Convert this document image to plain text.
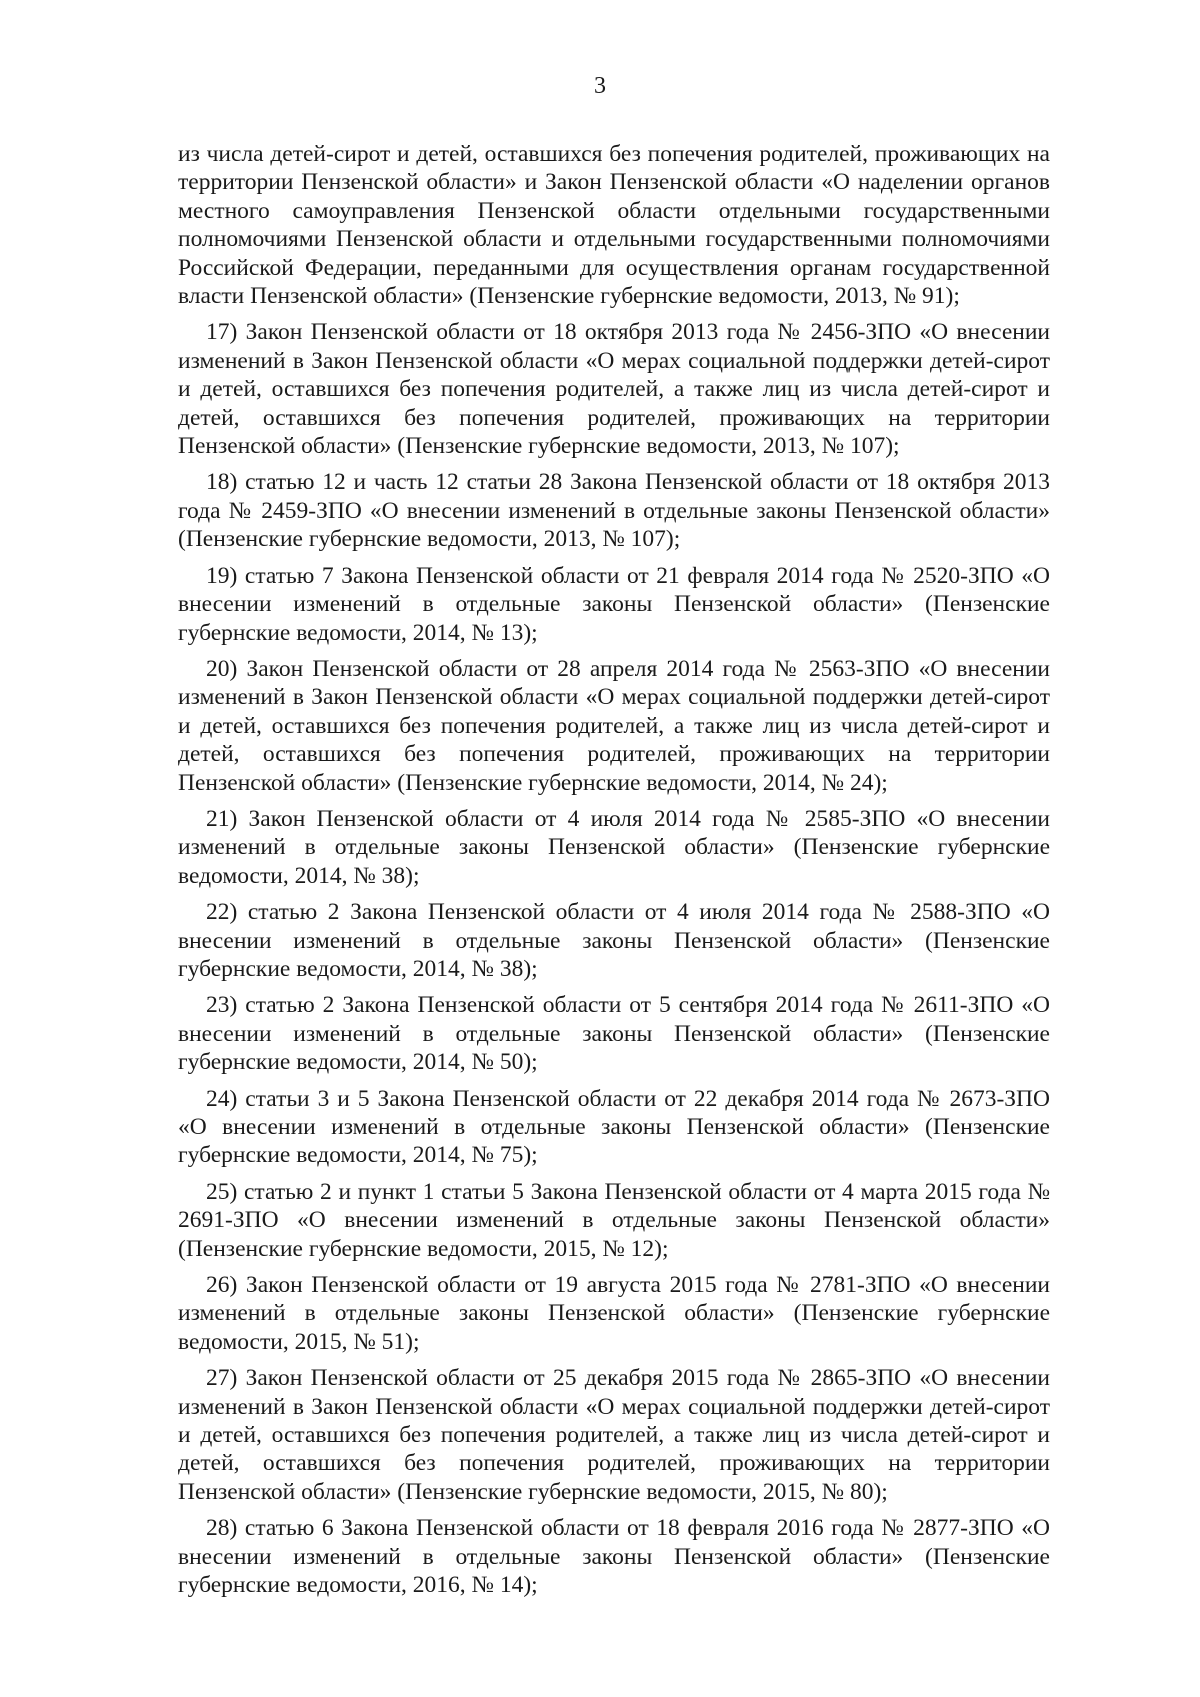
3

из числа детей-сирот и детей, оставшихся без попечения родителей, проживающих на территории Пензенской области» и Закон Пензенской области «О наделении органов местного самоуправления Пензенской области отдельными государственными полномочиями Пензенской области и отдельными государственными полномочиями Российской Федерации, переданными для осуществления органам государственной власти Пензенской области» (Пензенские губернские ведомости, 2013, № 91);

17) Закон Пензенской области от 18 октября 2013 года № 2456-ЗПО «О внесении изменений в Закон Пензенской области «О мерах социальной поддержки детей-сирот и детей, оставшихся без попечения родителей, а также лиц из числа детей-сирот и детей, оставшихся без попечения родителей, проживающих на территории Пензенской области» (Пензенские губернские ведомости, 2013, № 107);

18) статью 12 и часть 12 статьи 28 Закона Пензенской области от 18 октября 2013 года № 2459-ЗПО «О внесении изменений в отдельные законы Пензенской области» (Пензенские губернские ведомости, 2013, № 107);

19) статью 7 Закона Пензенской области от 21 февраля 2014 года № 2520-ЗПО «О внесении изменений в отдельные законы Пензенской области» (Пензенские губернские ведомости, 2014, № 13);

20) Закон Пензенской области от 28 апреля 2014 года № 2563-ЗПО «О внесении изменений в Закон Пензенской области «О мерах социальной поддержки детей-сирот и детей, оставшихся без попечения родителей, а также лиц из числа детей-сирот и детей, оставшихся без попечения родителей, проживающих на территории Пензенской области» (Пензенские губернские ведомости, 2014, № 24);

21) Закон Пензенской области от 4 июля 2014 года № 2585-ЗПО «О внесении изменений в отдельные законы Пензенской области» (Пензенские губернские ведомости, 2014, № 38);

22) статью 2 Закона Пензенской области от 4 июля 2014 года № 2588-ЗПО «О внесении изменений в отдельные законы Пензенской области» (Пензенские губернские ведомости, 2014, № 38);

23) статью 2 Закона Пензенской области от 5 сентября 2014 года № 2611-ЗПО «О внесении изменений в отдельные законы Пензенской области» (Пензенские губернские ведомости, 2014, № 50);

24) статьи 3 и 5 Закона Пензенской области от 22 декабря 2014 года № 2673-ЗПО «О внесении изменений в отдельные законы Пензенской области» (Пензенские губернские ведомости, 2014, № 75);

25) статью 2 и пункт 1 статьи 5 Закона Пензенской области от 4 марта 2015 года № 2691-ЗПО «О внесении изменений в отдельные законы Пензенской области» (Пензенские губернские ведомости, 2015, № 12);

26) Закон Пензенской области от 19 августа 2015 года № 2781-ЗПО «О внесении изменений в отдельные законы Пензенской области» (Пензенские губернские ведомости, 2015, № 51);

27) Закон Пензенской области от 25 декабря 2015 года № 2865-ЗПО «О внесении изменений в Закон Пензенской области «О мерах социальной поддержки детей-сирот и детей, оставшихся без попечения родителей, а также лиц из числа детей-сирот и детей, оставшихся без попечения родителей, проживающих на территории Пензенской области» (Пензенские губернские ведомости, 2015, № 80);

28) статью 6 Закона Пензенской области от 18 февраля 2016 года № 2877-ЗПО «О внесении изменений в отдельные законы Пензенской области» (Пензенские губернские ведомости, 2016, № 14);
